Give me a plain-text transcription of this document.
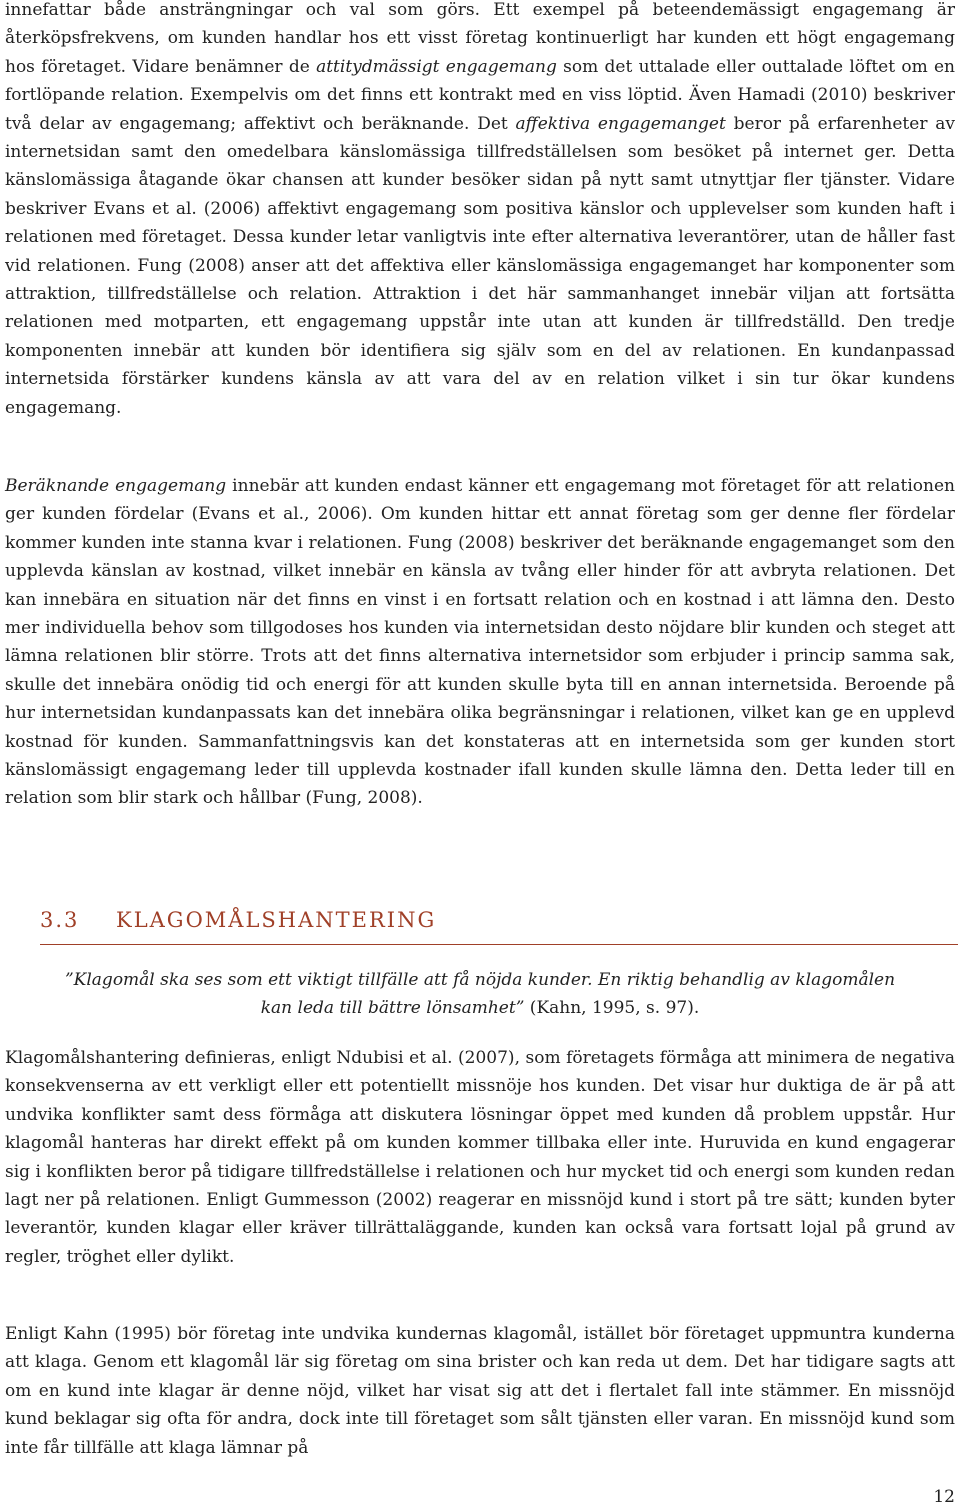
innefattar både ansträngningar och val som görs. Ett exempel på beteendemässigt engagemang är återköpsfrekvens, om kunden handlar hos ett visst företag kontinuerligt har kunden ett högt engagemang hos företaget. Vidare benämner de attitydmässigt engagemang som det uttalade eller outtalade löftet om en fortlöpande relation. Exempelvis om det finns ett kontrakt med en viss löptid. Även Hamadi (2010) beskriver två delar av engagemang; affektivt och beräknande. Det affektiva engagemanget beror på erfarenheter av internetsidan samt den omedelbara känslomässiga tillfredställelsen som besöket på internet ger. Detta känslomässiga åtagande ökar chansen att kunder besöker sidan på nytt samt utnyttjar fler tjänster. Vidare beskriver Evans et al. (2006) affektivt engagemang som positiva känslor och upplevelser som kunden haft i relationen med företaget. Dessa kunder letar vanligtvis inte efter alternativa leverantörer, utan de håller fast vid relationen. Fung (2008) anser att det affektiva eller känslomässiga engagemanget har komponenter som attraktion, tillfredställelse och relation. Attraktion i det här sammanhanget innebär viljan att fortsätta relationen med motparten, ett engagemang uppstår inte utan att kunden är tillfredställd. Den tredje komponenten innebär att kunden bör identifiera sig själv som en del av relationen. En kundanpassad internetsida förstärker kundens känsla av att vara del av en relation vilket i sin tur ökar kundens engagemang.

Beräknande engagemang innebär att kunden endast känner ett engagemang mot företaget för att relationen ger kunden fördelar (Evans et al., 2006). Om kunden hittar ett annat företag som ger denne fler fördelar kommer kunden inte stanna kvar i relationen. Fung (2008) beskriver det beräknande engagemanget som den upplevda känslan av kostnad, vilket innebär en känsla av tvång eller hinder för att avbryta relationen. Det kan innebära en situation när det finns en vinst i en fortsatt relation och en kostnad i att lämna den. Desto mer individuella behov som tillgodoses hos kunden via internetsidan desto nöjdare blir kunden och steget att lämna relationen blir större. Trots att det finns alternativa internetsidor som erbjuder i princip samma sak, skulle det innebära onödig tid och energi för att kunden skulle byta till en annan internetsida. Beroende på hur internetsidan kundanpassats kan det innebära olika begränsningar i relationen, vilket kan ge en upplevd kostnad för kunden. Sammanfattningsvis kan det konstateras att en internetsida som ger kunden stort känslomässigt engagemang leder till upplevda kostnader ifall kunden skulle lämna den. Detta leder till en relation som blir stark och hållbar (Fung, 2008).

3.3 KLAGOMÅLSHANTERING
”Klagomål ska ses som ett viktigt tillfälle att få nöjda kunder. En riktig behandlig av klagomålen
kan leda till bättre lönsamhet” (Kahn, 1995, s. 97).

Klagomålshantering definieras, enligt Ndubisi et al. (2007), som företagets förmåga att minimera de negativa konsekvenserna av ett verkligt eller ett potentiellt missnöje hos kunden. Det visar hur duktiga de är på att undvika konflikter samt dess förmåga att diskutera lösningar öppet med kunden då problem uppstår. Hur klagomål hanteras har direkt effekt på om kunden kommer tillbaka eller inte. Huruvida en kund engagerar sig i konflikten beror på tidigare tillfredställelse i relationen och hur mycket tid och energi som kunden redan lagt ner på relationen. Enligt Gummesson (2002) reagerar en missnöjd kund i stort på tre sätt; kunden byter leverantör, kunden klagar eller kräver tillrättaläggande, kunden kan också vara fortsatt lojal på grund av regler, tröghet eller dylikt.

Enligt Kahn (1995) bör företag inte undvika kundernas klagomål, istället bör företaget uppmuntra kunderna att klaga. Genom ett klagomål lär sig företag om sina brister och kan reda ut dem. Det har tidigare sagts att om en kund inte klagar är denne nöjd, vilket har visat sig att det i flertalet fall inte stämmer. En missnöjd kund beklagar sig ofta för andra, dock inte till företaget som sålt tjänsten eller varan. En missnöjd kund som inte får tillfälle att klaga lämnar på

12
